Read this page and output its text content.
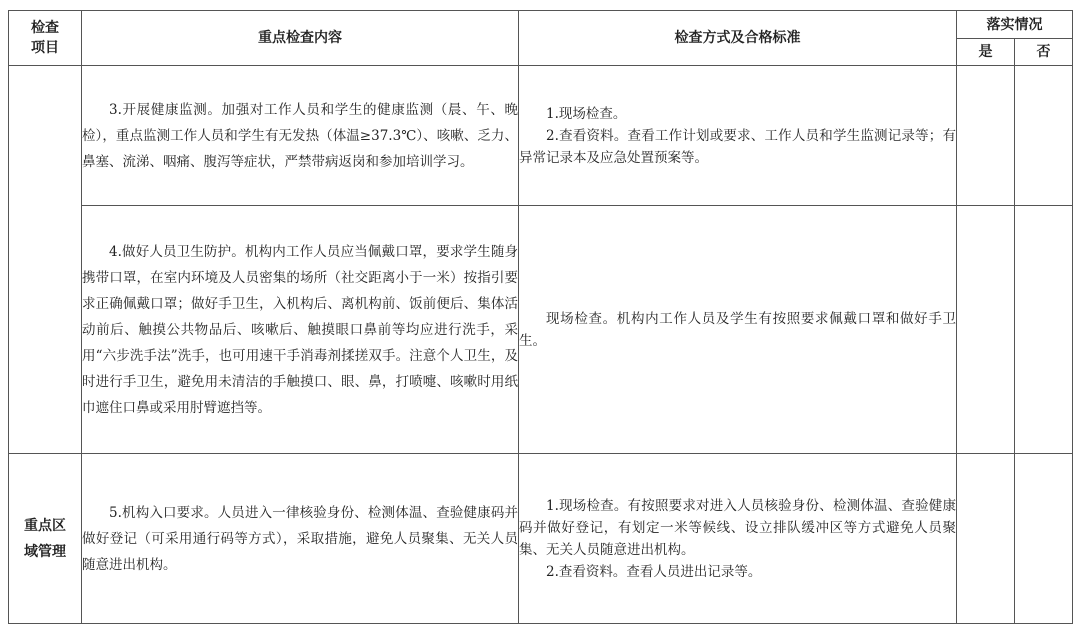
检查项目	重点检查内容	检查方式及合格标准	落实情况	
			是	否

	3.开展健康监测。加强对工作人员和学生的健康监测（晨、午、晚检），重点监测工作人员和学生有无发热（体温≥37.3℃）、咳嗽、乏力、鼻塞、流涕、咽痛、腹泻等症状，严禁带病返岗和参加培训学习。	1.现场检查。

2.查看资料。查看工作计划或要求、工作人员和学生监测记录等；有异常记录本及应急处置预案等。		

	4.做好人员卫生防护。机构内工作人员应当佩戴口罩，要求学生随身携带口罩，在室内环境及人员密集的场所（社交距离小于一米）按指引要求正确佩戴口罩；做好手卫生，入机构后、离机构前、饭前便后、集体活动前后、触摸公共物品后、咳嗽后、触摸眼口鼻前等均应进行洗手，采用“六步洗手法”洗手，也可用速干手消毒剂揉搓双手。注意个人卫生，及时进行手卫生，避免用未清洁的手触摸口、眼、鼻，打喷嚏、咳嗽时用纸巾遮住口鼻或采用肘臂遮挡等。	现场检查。机构内工作人员及学生有按照要求佩戴口罩和做好手卫生。		

重点区域管理	5.机构入口要求。人员进入一律核验身份、检测体温、查验健康码并做好登记（可采用通行码等方式），采取措施，避免人员聚集、无关人员随意进出机构。	1.现场检查。有按照要求对进入人员核验身份、检测体温、查验健康码并做好登记，有划定一米等候线、设立排队缓冲区等方式避免人员聚集、无关人员随意进出机构。

2.查看资料。查看人员进出记录等。		
